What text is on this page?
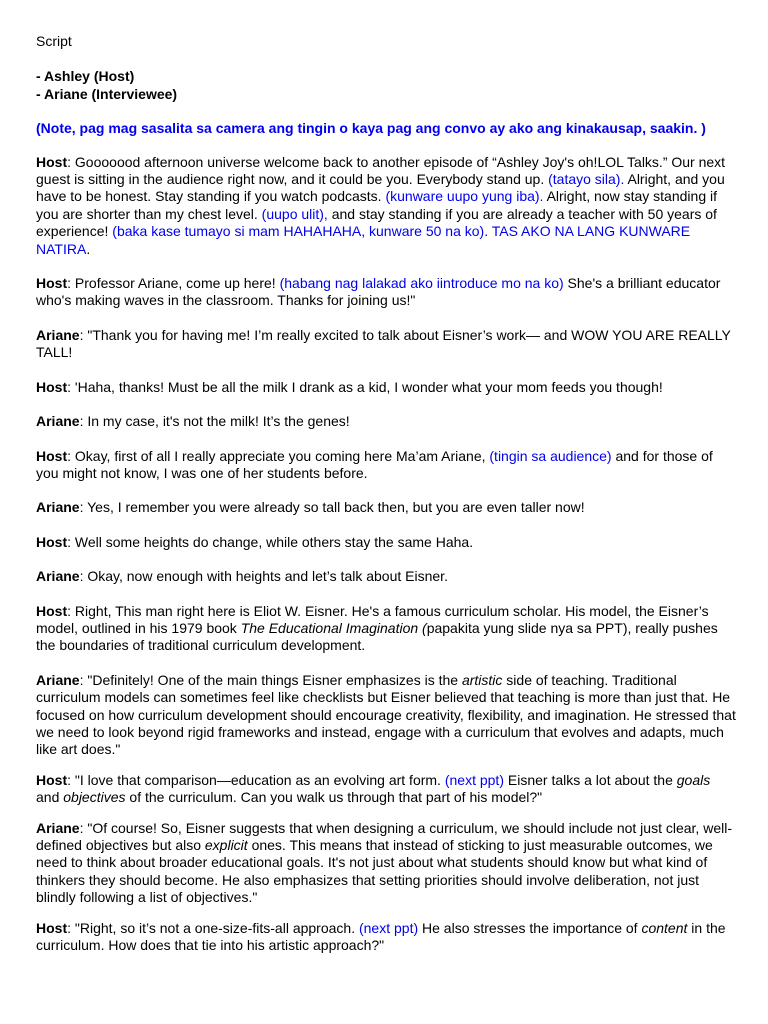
Script

- Ashley (Host)
- Ariane (Interviewee)

(Note, pag mag sasalita sa camera ang tingin o kaya pag ang convo ay ako ang kinakausap, saakin. )

Host: Gooooood afternoon universe welcome back to another episode of “Ashley Joy's oh!LOL Talks.” Our next guest is sitting in the audience right now, and it could be you. Everybody stand up. (tatayo sila). Alright, and you have to be honest. Stay standing if you watch podcasts. (kunware uupo yung iba). Alright, now stay standing if you are shorter than my chest level. (uupo ulit), and stay standing if you are already a teacher with 50 years of experience! (baka kase tumayo si mam HAHAHAHA, kunware 50 na ko). TAS AKO NA LANG KUNWARE NATIRA.

Host: Professor Ariane, come up here! (habang nag lalakad ako iintroduce mo na ko) She's a brilliant educator who's making waves in the classroom. Thanks for joining us!"

Ariane: "Thank you for having me! I’m really excited to talk about Eisner’s work— and WOW YOU ARE REALLY TALL!

Host: 'Haha, thanks! Must be all the milk I drank as a kid, I wonder what your mom feeds you though!

Ariane: In my case, it's not the milk! It’s the genes!

Host: Okay, first of all I really appreciate you coming here Ma’am Ariane, (tingin sa audience) and for those of you might not know, I was one of her students before.

Ariane: Yes, I remember you were already so tall back then, but you are even taller now!

Host: Well some heights do change, while others stay the same Haha.

Ariane: Okay, now enough with heights and let’s talk about Eisner.

Host: Right, This man right here is Eliot W. Eisner. He's a famous curriculum scholar. His model, the Eisner’s model, outlined in his 1979 book The Educational Imagination (papakita yung slide nya sa PPT), really pushes the boundaries of traditional curriculum development.

Ariane: "Definitely! One of the main things Eisner emphasizes is the artistic side of teaching. Traditional curriculum models can sometimes feel like checklists but Eisner believed that teaching is more than just that. He focused on how curriculum development should encourage creativity, flexibility, and imagination. He stressed that we need to look beyond rigid frameworks and instead, engage with a curriculum that evolves and adapts, much like art does."

Host: "I love that comparison—education as an evolving art form. (next ppt) Eisner talks a lot about the goals and objectives of the curriculum. Can you walk us through that part of his model?"

Ariane: "Of course! So, Eisner suggests that when designing a curriculum, we should include not just clear, well-defined objectives but also explicit ones. This means that instead of sticking to just measurable outcomes, we need to think about broader educational goals. It's not just about what students should know but what kind of thinkers they should become. He also emphasizes that setting priorities should involve deliberation, not just blindly following a list of objectives."

Host: "Right, so it’s not a one-size-fits-all approach. (next ppt) He also stresses the importance of content in the curriculum. How does that tie into his artistic approach?"
